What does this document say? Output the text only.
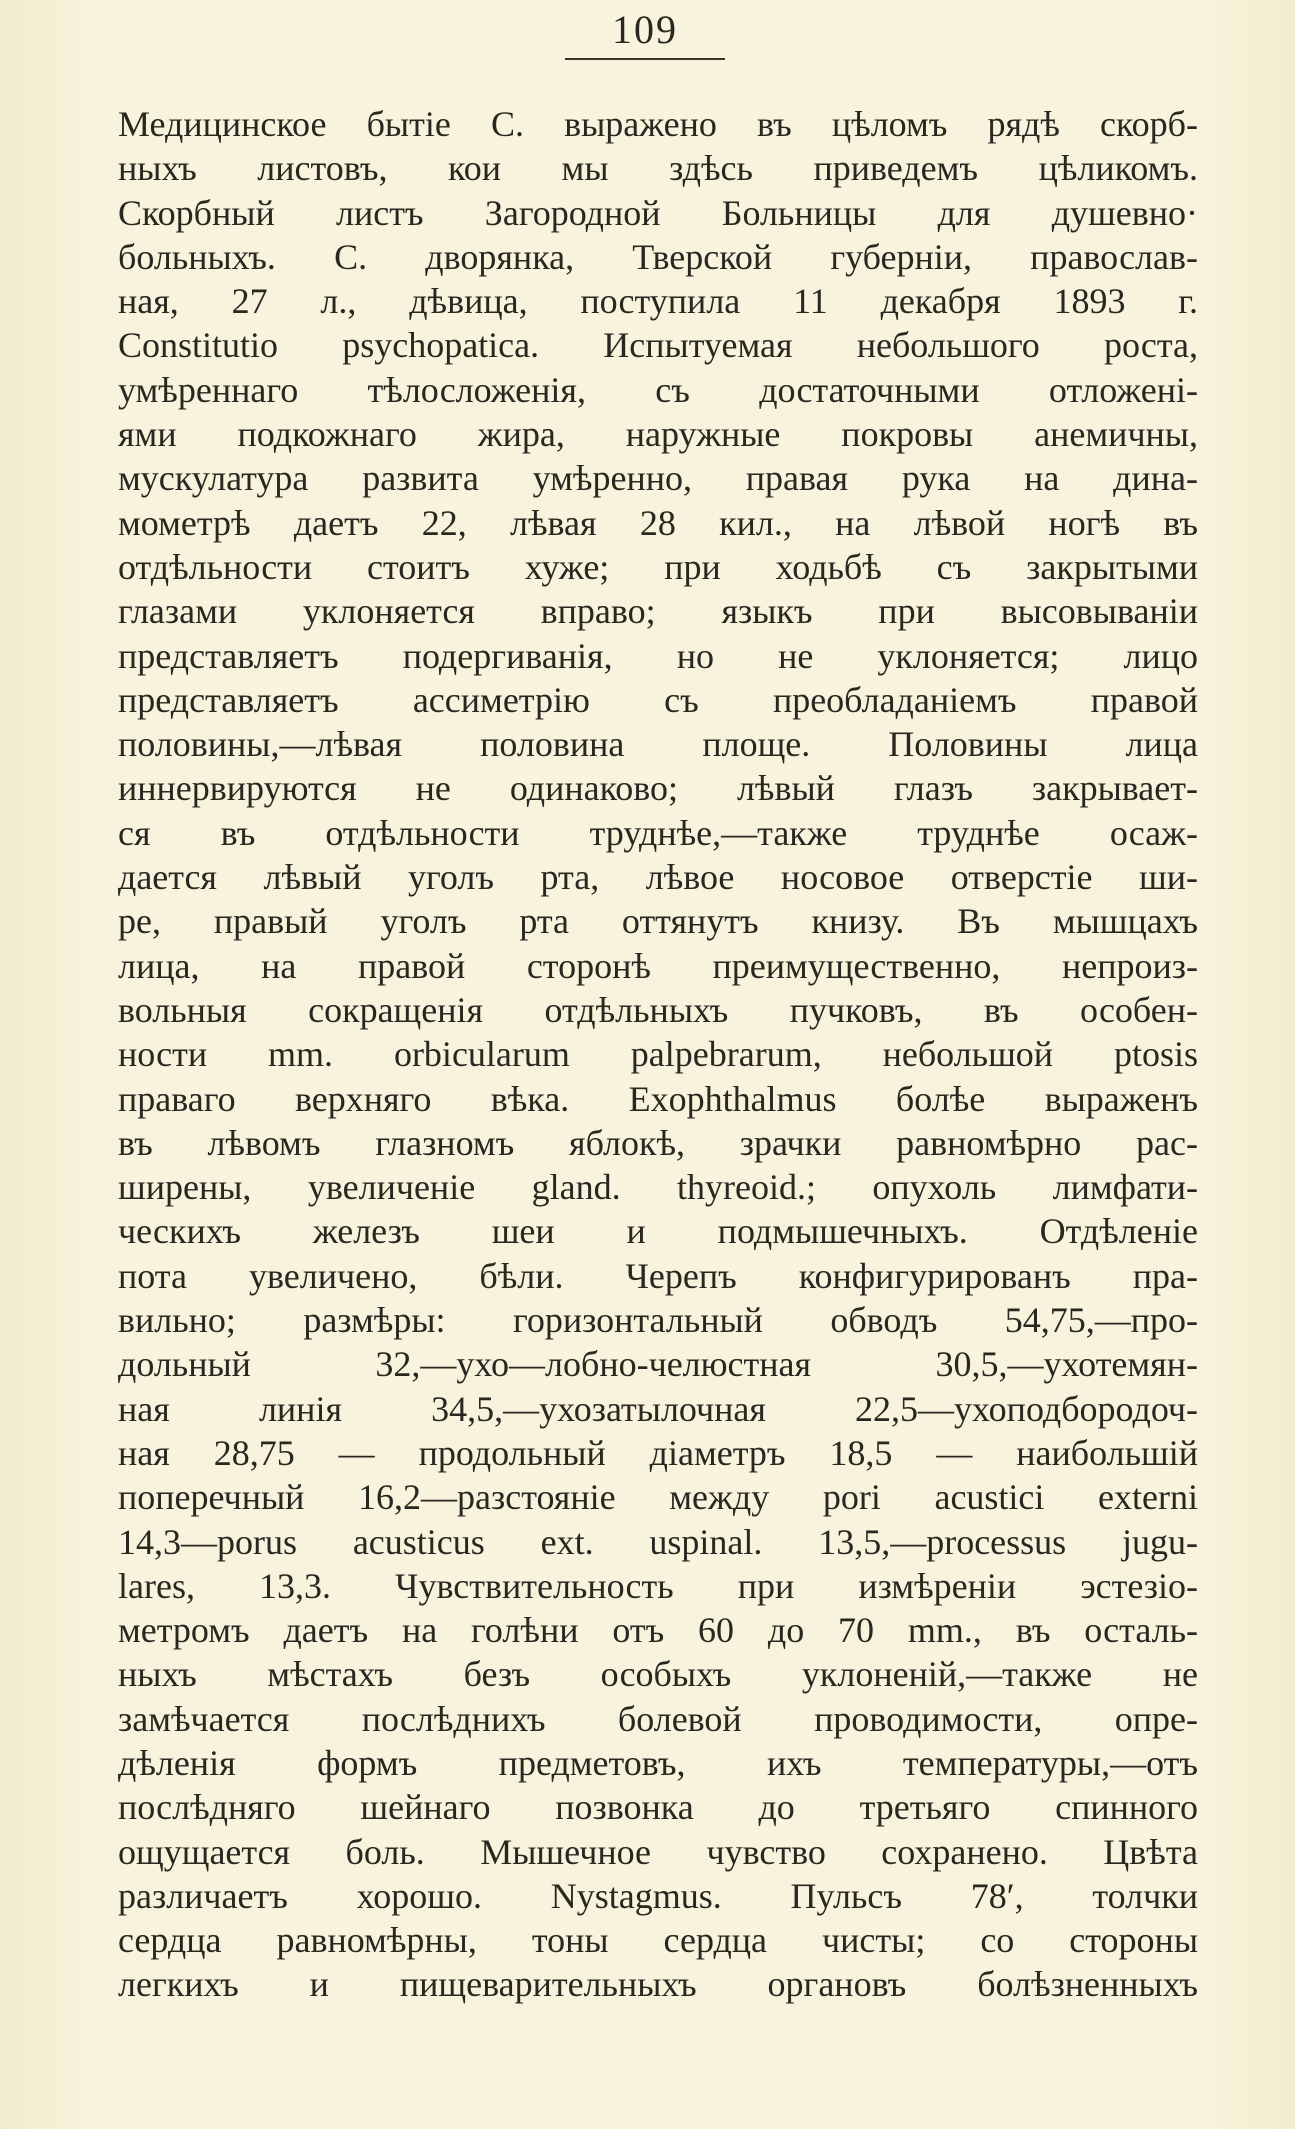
109
Медицинское бытiе С. выражено въ цѣломъ рядѣ скорб-
ныхъ листовъ, кои мы здѣсь приведемъ цѣликомъ.
Скорбный листъ Загородной Больницы для душевно·
больныхъ. С. дворянка, Тверской губернiи, православ-
ная, 27 л., дѣвица, поступила 11 декабря 1893 г.
Constitutio psychopatica. Испытуемая небольшого роста,
умѣреннаго тѣлосложенiя, съ достаточными отложенi-
ями подкожнаго жира, наружные покровы анемичны,
мускулатура развита умѣренно, правая рука на дина-
мометрѣ даетъ 22, лѣвая 28 кил., на лѣвой ногѣ въ
отдѣльности стоитъ хуже; при ходьбѣ съ закрытыми
глазами уклоняется вправо; языкъ при высовыванiи
представляетъ подергиванiя, но не уклоняется; лицо
представляетъ ассиметрiю съ преобладанiемъ правой
половины,—лѣвая половина площе. Половины лица
иннервируются не одинаково; лѣвый глазъ закрывает-
ся въ отдѣльности труднѣе,—также труднѣе осаж-
дается лѣвый уголъ рта, лѣвое носовое отверстiе ши-
ре, правый уголъ рта оттянутъ книзу. Въ мышцахъ
лица, на правой сторонѣ преимущественно, непроиз-
вольныя сокращенiя отдѣльныхъ пучковъ, въ особен-
ности mm. orbicularum palpebrarum, небольшой ptosis
праваго верхняго вѣка. Exophthalmus болѣе выраженъ
въ лѣвомъ глазномъ яблокѣ, зрачки равномѣрно рас-
ширены, увеличенiе gland. thyreoid.; опухоль лимфати-
ческихъ железъ шеи и подмышечныхъ. Отдѣленiе
пота увеличено, бѣли. Черепъ конфигурированъ пра-
вильно; размѣры: горизонтальный обводъ 54,75,—про-
дольный 32,—ухо—лобно-челюстная 30,5,—ухотемян-
ная линiя 34,5,—ухозатылочная 22,5—ухоподбородоч-
ная 28,75 — продольный дiаметръ 18,5 — наибольшiй
поперечный 16,2—разстоянiе между pori acustici externi
14,3—porus acusticus ext. uspinal. 13,5,—processus jugu-
lares, 13,3. Чувствительность при измѣренiи эстезiо-
метромъ даетъ на голѣни отъ 60 до 70 mm., въ осталь-
ныхъ мѣстахъ безъ особыхъ уклоненiй,—также не
замѣчается послѣднихъ болевой проводимости, опре-
дѣленiя формъ предметовъ, ихъ температуры,—отъ
послѣдняго шейнаго позвонка до третьяго спинного
ощущается боль. Мышечное чувство сохранено. Цвѣта
различаетъ хорошо. Nystagmus. Пульсъ 78′, толчки
сердца равномѣрны, тоны сердца чисты; со стороны
легкихъ и пищеварительныхъ органовъ болѣзненныхъ
